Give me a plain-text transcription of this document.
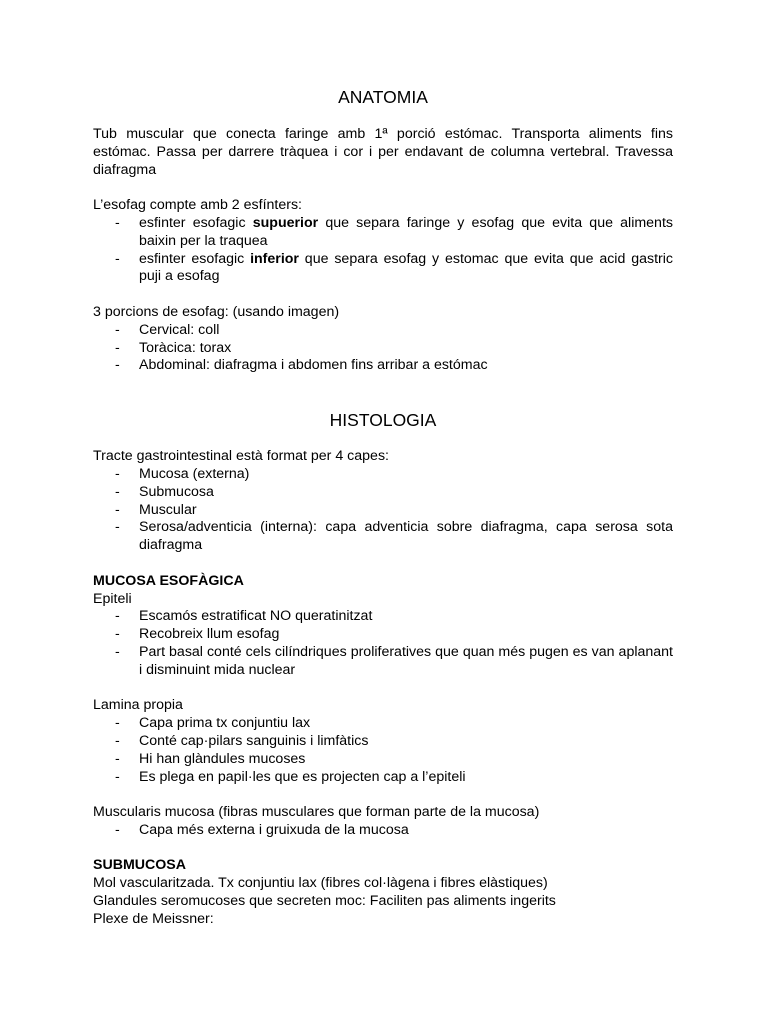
ANATOMIA

Tub muscular que conecta faringe amb 1ª porció estómac. Transporta aliments fins estómac. Passa per darrere tràquea i cor i per endavant de columna vertebral. Travessa diafragma

L’esofag compte amb 2 esfínters:

- esfinter esofagic supuerior que separa faringe y esofag que evita que aliments baixin per la traquea
- esfinter esofagic inferior que separa esofag y estomac que evita que acid gastric puji a esofag

3 porcions de esofag: (usando imagen)

- Cervical: coll
- Toràcica: torax
- Abdominal: diafragma i abdomen fins arribar a estómac
HISTOLOGIA

Tracte gastrointestinal està format per 4 capes:

- Mucosa (externa)
- Submucosa
- Muscular
- Serosa/adventicia (interna): capa adventicia sobre diafragma, capa serosa sota diafragma

MUCOSA ESOFÀGICA

Epiteli

- Escamós estratificat NO queratinitzat
- Recobreix llum esofag
- Part basal conté cels cilíndriques proliferatives que quan més pugen es van aplanant i disminuint mida nuclear

Lamina propia

- Capa prima tx conjuntiu lax
- Conté cap·pilars sanguinis i limfàtics
- Hi han glàndules mucoses
- Es plega en papil·les que es projecten cap a l’epiteli

Muscularis mucosa (fibras musculares que forman parte de la mucosa)

- Capa més externa i gruixuda de la mucosa

SUBMUCOSA

Mol vascularitzada. Tx conjuntiu lax (fibres col·làgena i fibres elàstiques)

Glandules seromucoses que secreten moc: Faciliten pas aliments ingerits

Plexe de Meissner:
